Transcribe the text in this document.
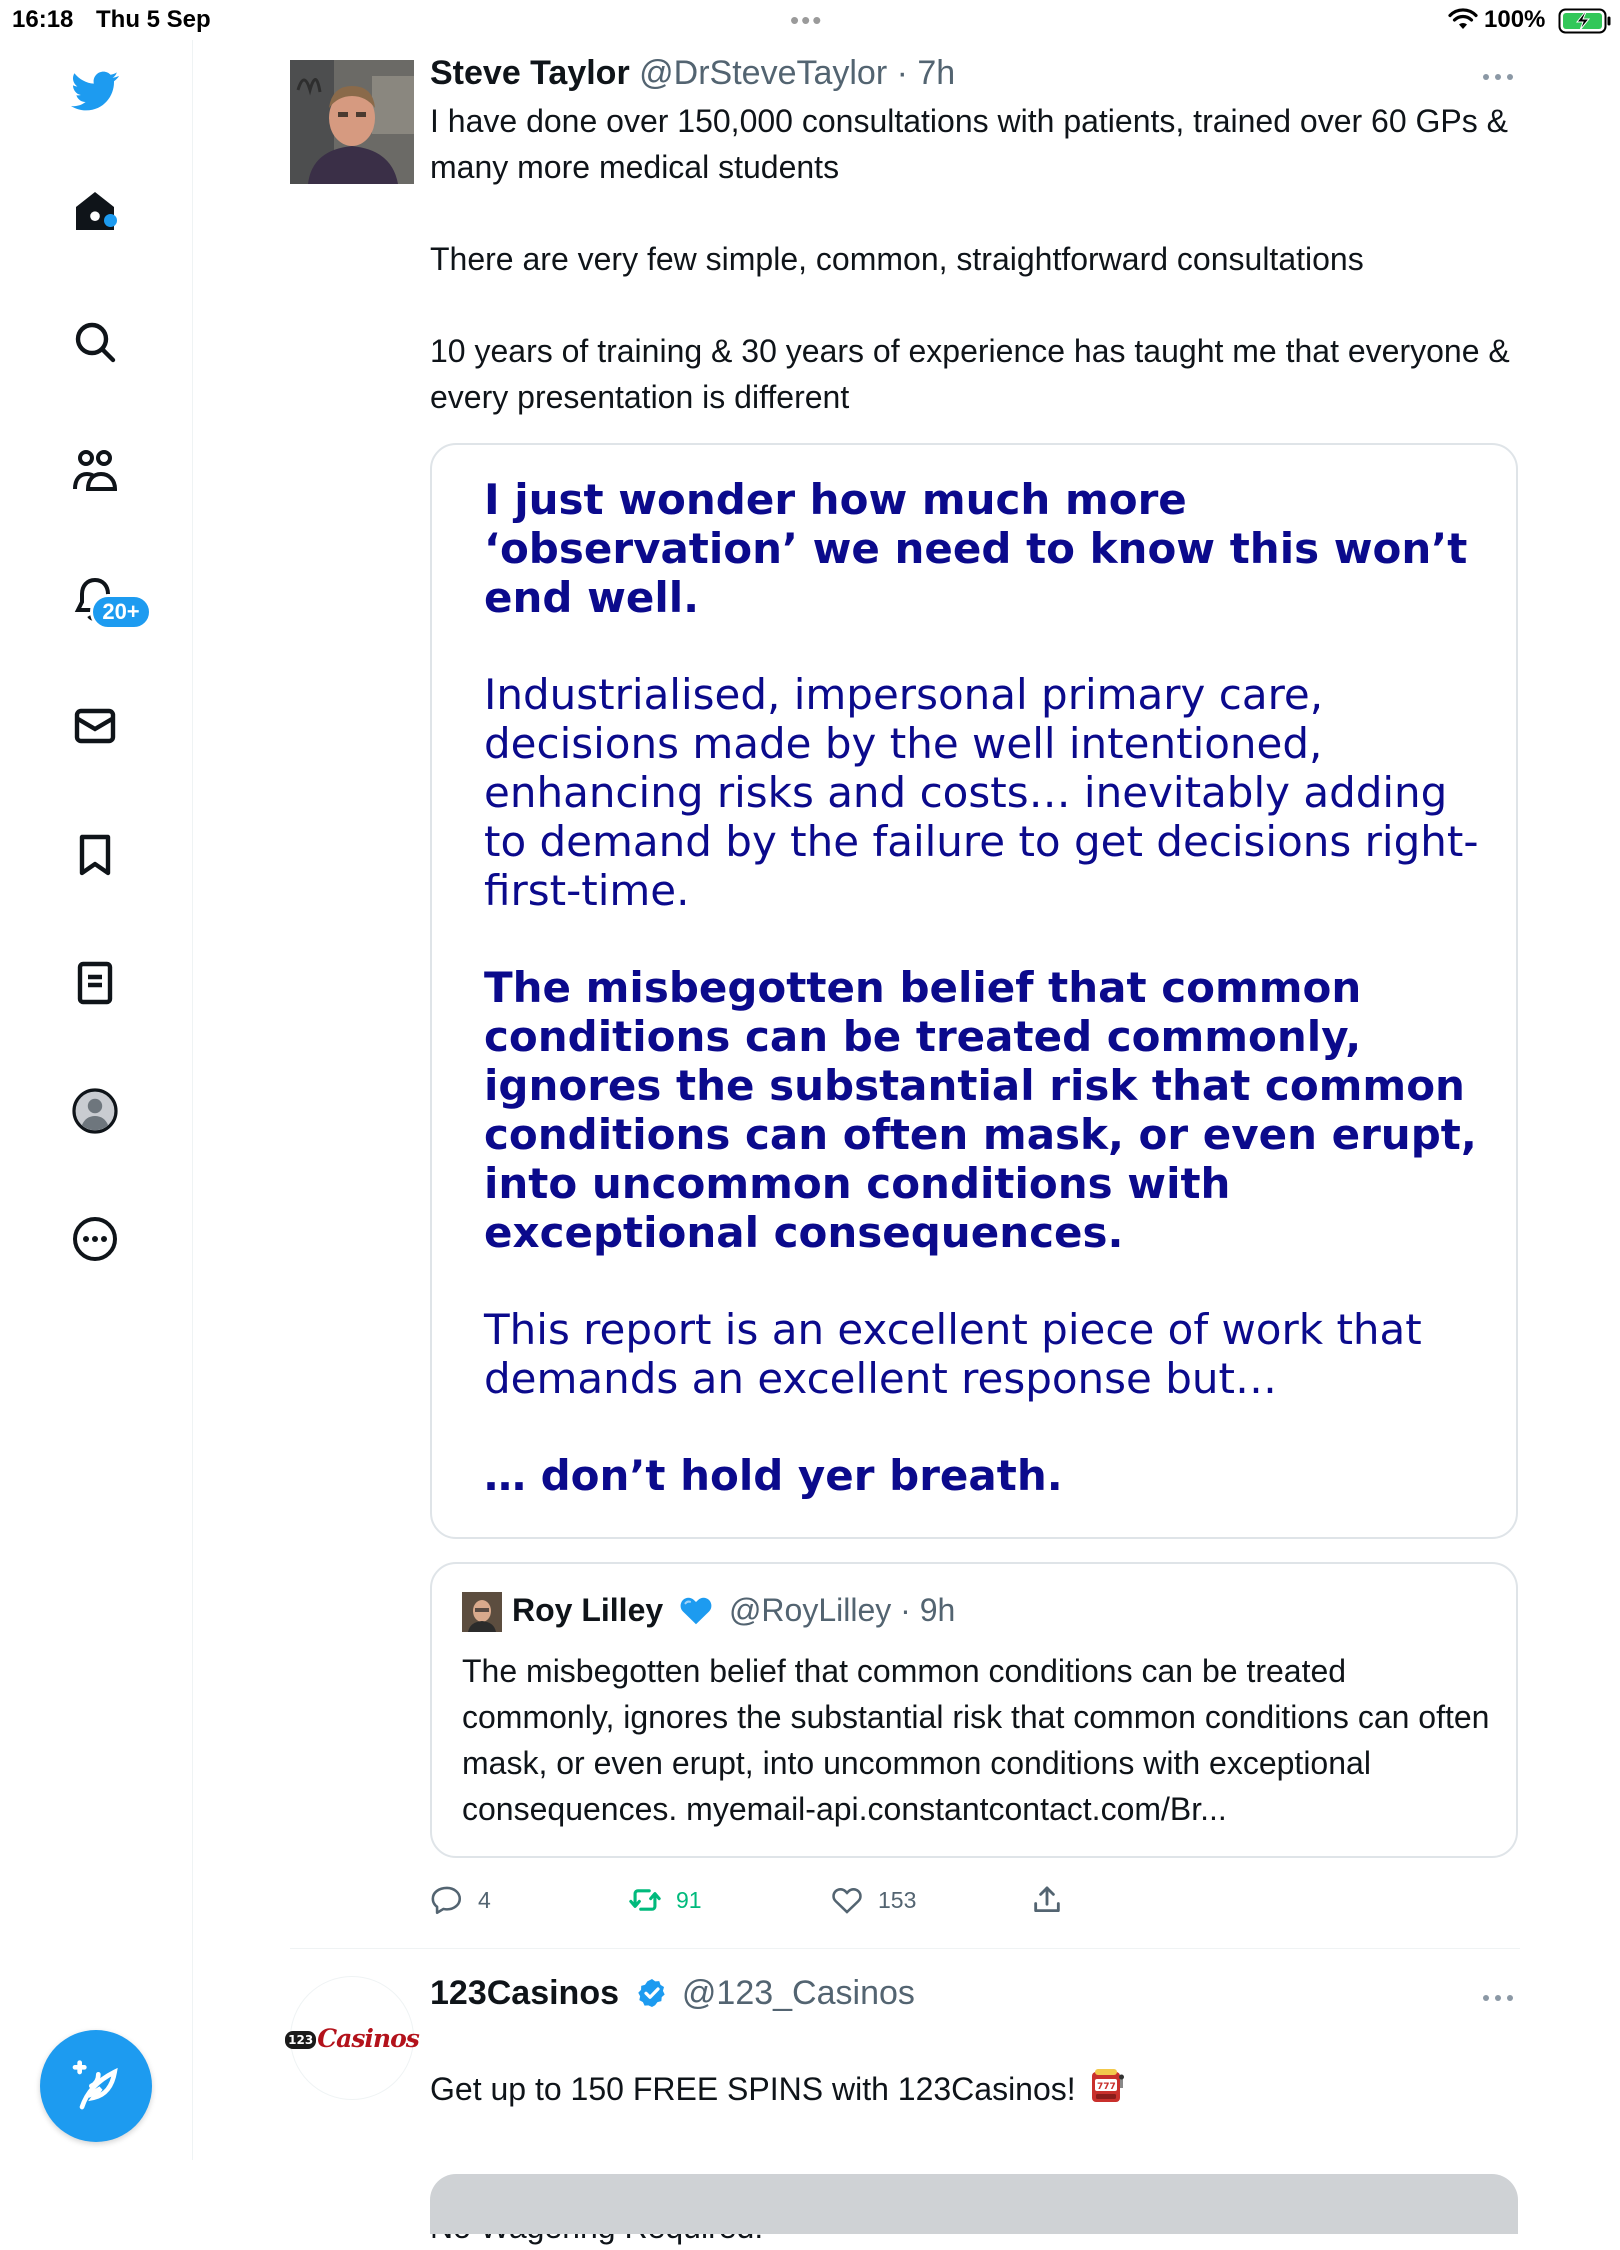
16:18 Thu 5 Sep	•••	100%
20+
Steve Taylor @DrSteveTaylor · 7h
I have done over 150,000 consultations with patients, trained over 60 GPs & many more medical students

There are very few simple, common, straightforward consultations

10 years of training & 30 years of experience has taught me that everyone & every presentation is different
I just wonder how much more ‘observation’ we need to know this won’t end well.
Industrialised, impersonal primary care, decisions made by the well intentioned, enhancing risks and costs… inevitably adding to demand by the failure to get decisions right-first-time.
The misbegotten belief that common conditions can be treated commonly, ignores the substantial risk that common conditions can often mask, or even erupt, into uncommon conditions with exceptional consequences.
This report is an excellent piece of work that demands an excellent response but…
… don’t hold yer breath.
Roy Lilley @RoyLilley · 9h
The misbegotten belief that common conditions can be treated commonly, ignores the substantial risk that common conditions can often mask, or even erupt, into uncommon conditions with exceptional consequences. myemail-api.constantcontact.com/Br...
4	91	153
123 Casinos
123Casinos @123_Casinos

Get up to 150 FREE SPINS with 123Casinos! 777
